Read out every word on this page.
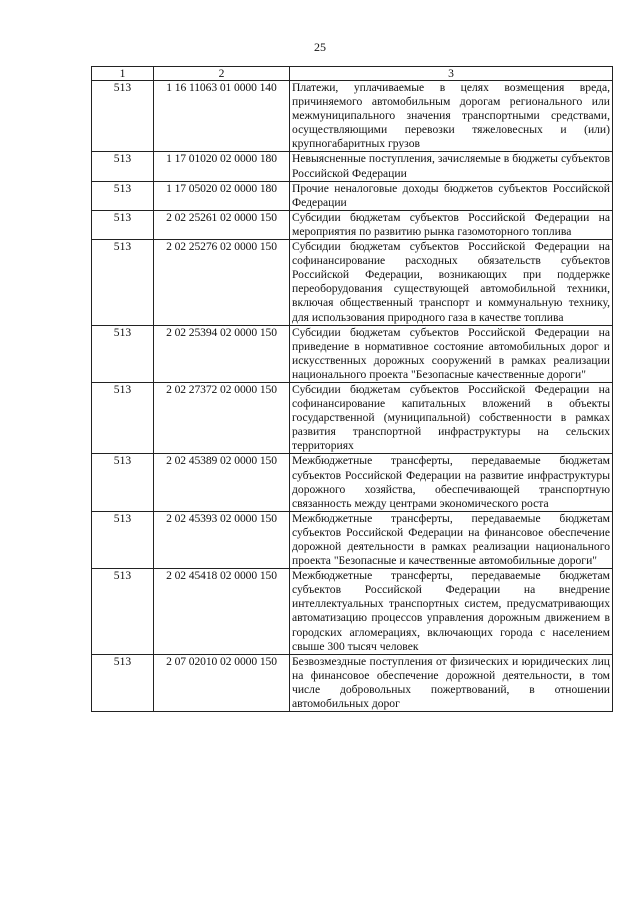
25
1	2	3
513	1 16 11063 01 0000 140	Платежи, уплачиваемые в целях возмещения вреда, причиняемого автомобильным дорогам регионального или межмуниципального значения транспортными средствами, осуществляющими перевозки тяжеловесных и (или) крупногабаритных грузов
513	1 17 01020 02 0000 180	Невыясненные поступления, зачисляемые в бюджеты субъектов Российской Федерации
513	1 17 05020 02 0000 180	Прочие неналоговые доходы бюджетов субъектов Российской Федерации
513	2 02 25261 02 0000 150	Субсидии бюджетам субъектов Российской Федерации на мероприятия по развитию рынка газомоторного топлива
513	2 02 25276 02 0000 150	Субсидии бюджетам субъектов Российской Федерации на софинансирование расходных обязательств субъектов Российской Федерации, возникающих при поддержке переоборудования существующей автомобильной техники, включая общественный транспорт и коммунальную технику, для использования природного газа в качестве топлива
513	2 02 25394 02 0000 150	Субсидии бюджетам субъектов Российской Федерации на приведение в нормативное состояние автомобильных дорог и искусственных дорожных сооружений в рамках реализации национального проекта "Безопасные качественные дороги"
513	2 02 27372 02 0000 150	Субсидии бюджетам субъектов Российской Федерации на софинансирование капитальных вложений в объекты государственной (муниципальной) собственности в рамках развития транспортной инфраструктуры на сельских территориях
513	2 02 45389 02 0000 150	Межбюджетные трансферты, передаваемые бюджетам субъектов Российской Федерации на развитие инфраструктуры дорожного хозяйства, обеспечивающей транспортную связанность между центрами экономического роста
513	2 02 45393 02 0000 150	Межбюджетные трансферты, передаваемые бюджетам субъектов Российской Федерации на финансовое обеспечение дорожной деятельности в рамках реализации национального проекта "Безопасные и качественные автомобильные дороги"
513	2 02 45418 02 0000 150	Межбюджетные трансферты, передаваемые бюджетам субъектов Российской Федерации на внедрение интеллектуальных транспортных систем, предусматривающих автоматизацию процессов управления дорожным движением в городских агломерациях, включающих города с населением свыше 300 тысяч человек
513	2 07 02010 02 0000 150	Безвозмездные поступления от физических и юридических лиц на финансовое обеспечение дорожной деятельности, в том числе добровольных пожертвований, в отношении автомобильных дорог
